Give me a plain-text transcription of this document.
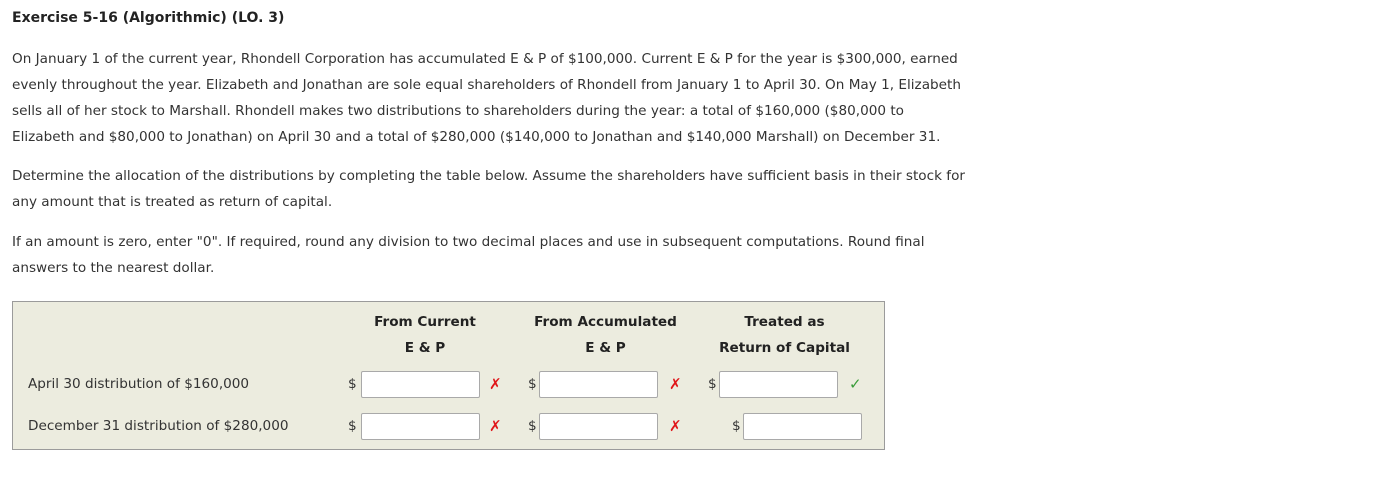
Exercise 5-16 (Algorithmic) (LO. 3)
On January 1 of the current year, Rhondell Corporation has accumulated E & P of $100,000. Current E & P for the year is $300,000, earned
evenly throughout the year. Elizabeth and Jonathan are sole equal shareholders of Rhondell from January 1 to April 30. On May 1, Elizabeth
sells all of her stock to Marshall. Rhondell makes two distributions to shareholders during the year: a total of $160,000 ($80,000 to
Elizabeth and $80,000 to Jonathan) on April 30 and a total of $280,000 ($140,000 to Jonathan and $140,000 Marshall) on December 31.
Determine the allocation of the distributions by completing the table below. Assume the shareholders have sufficient basis in their stock for
any amount that is treated as return of capital.
If an amount is zero, enter "0". If required, round any division to two decimal places and use in subsequent computations. Round final
answers to the nearest dollar.
From Current
E & P
From Accumulated
E & P
Treated as
Return of Capital
April 30 distribution of $160,000	$	✗ $	✗ $	✓
December 31 distribution of $280,000	$	✗ $	✗	$
